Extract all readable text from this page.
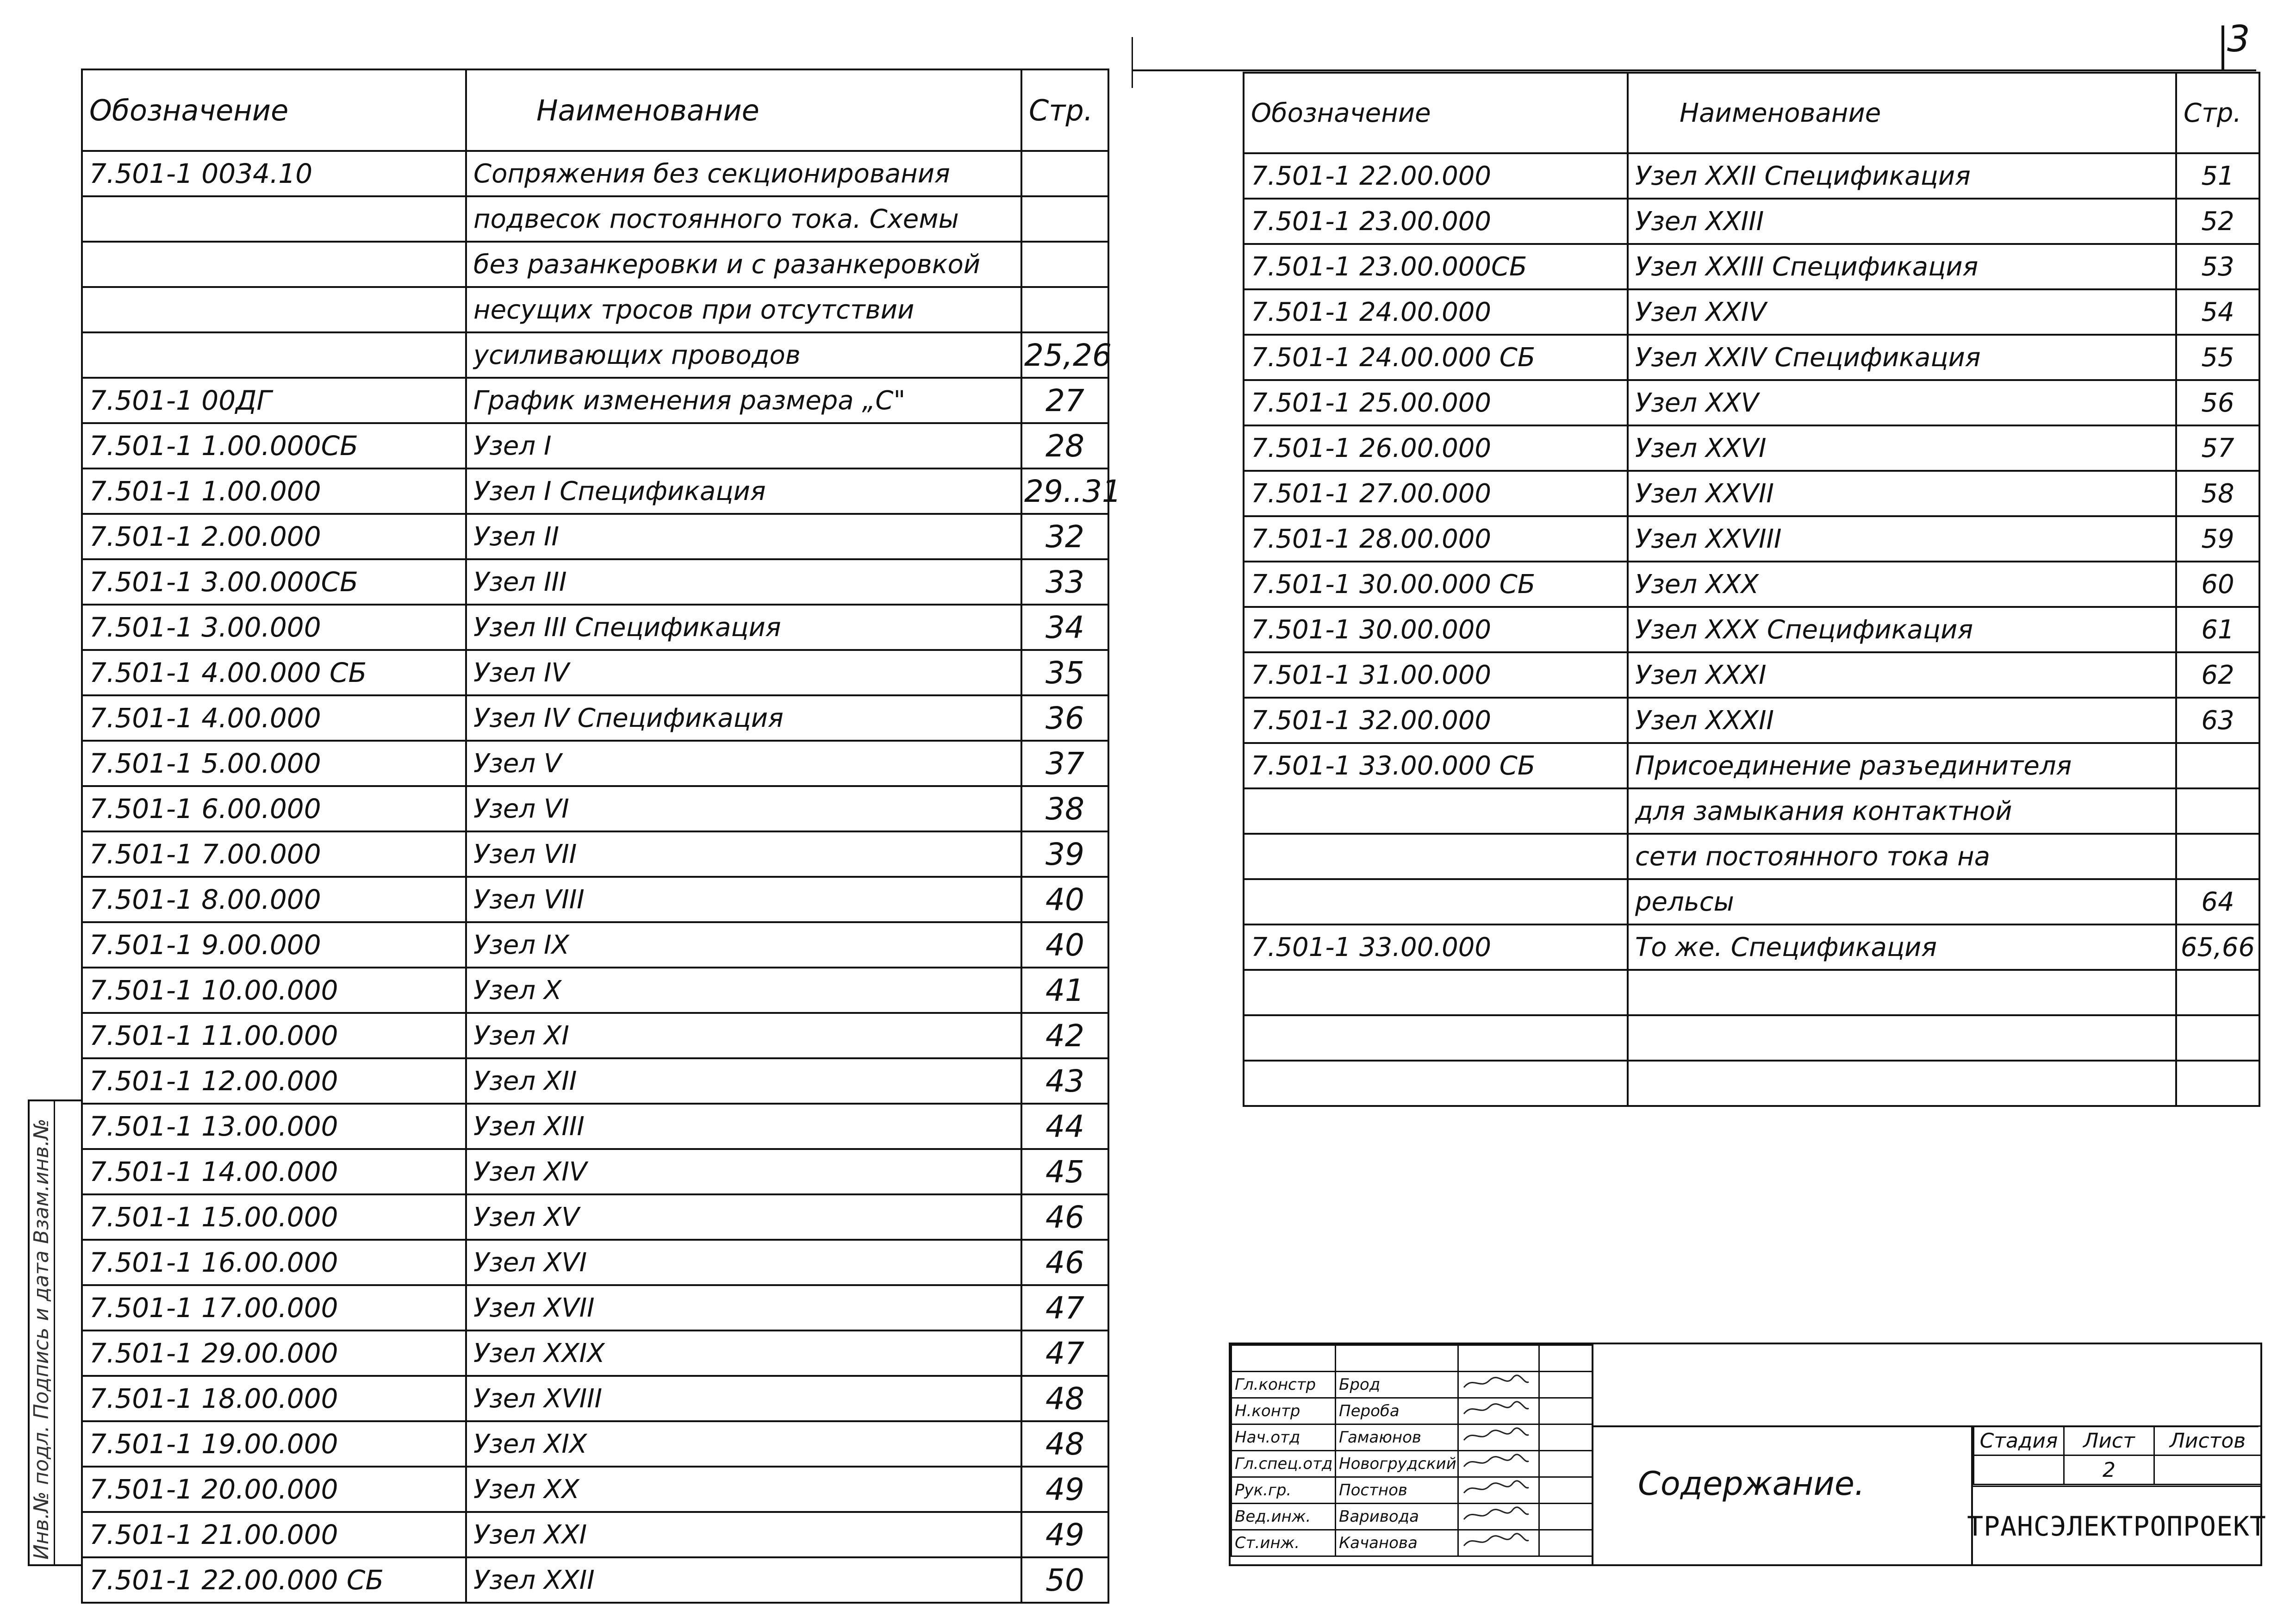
3
Обозначение	Наименование	Стр.
7.501-1 0034.10	Сопряжения без секционирования	
	подвесок постоянного тока. Схемы	
	без разанкеровки и с разанкеровкой	
	несущих тросов при отсутствии	
	усиливающих проводов	25,26
7.501-1 00ДГ	График изменения размера „С"	27
7.501-1 1.00.000СБ	Узел I	28
7.501-1 1.00.000	Узел I Спецификация	29..31
7.501-1 2.00.000	Узел II	32
7.501-1 3.00.000СБ	Узел III	33
7.501-1 3.00.000	Узел III Спецификация	34
7.501-1 4.00.000 СБ	Узел IV	35
7.501-1 4.00.000	Узел IV Спецификация	36
7.501-1 5.00.000	Узел V	37
7.501-1 6.00.000	Узел VI	38
7.501-1 7.00.000	Узел VII	39
7.501-1 8.00.000	Узел VIII	40
7.501-1 9.00.000	Узел IX	40
7.501-1 10.00.000	Узел X	41
7.501-1 11.00.000	Узел XI	42
7.501-1 12.00.000	Узел XII	43
7.501-1 13.00.000	Узел XIII	44
7.501-1 14.00.000	Узел XIV	45
7.501-1 15.00.000	Узел XV	46
7.501-1 16.00.000	Узел XVI	46
7.501-1 17.00.000	Узел XVII	47
7.501-1 29.00.000	Узел XXIX	47
7.501-1 18.00.000	Узел XVIII	48
7.501-1 19.00.000	Узел XIX	48
7.501-1 20.00.000	Узел XX	49
7.501-1 21.00.000	Узел XXI	49
7.501-1 22.00.000 СБ	Узел XXII	50
Обозначение	Наименование	Стр.
7.501-1 22.00.000	Узел XXII Спецификация	51
7.501-1 23.00.000	Узел XXIII	52
7.501-1 23.00.000СБ	Узел XXIII Спецификация	53
7.501-1 24.00.000	Узел XXIV	54
7.501-1 24.00.000 СБ	Узел XXIV Спецификация	55
7.501-1 25.00.000	Узел XXV	56
7.501-1 26.00.000	Узел XXVI	57
7.501-1 27.00.000	Узел XXVII	58
7.501-1 28.00.000	Узел XXVIII	59
7.501-1 30.00.000 СБ	Узел XXX	60
7.501-1 30.00.000	Узел XXX Спецификация	61
7.501-1 31.00.000	Узел XXXI	62
7.501-1 32.00.000	Узел XXXII	63
7.501-1 33.00.000 СБ	Присоединение разъединителя	
	для замыкания контактной	
	сети постоянного тока на	
	рельсы	64
7.501-1 33.00.000	То же. Спецификация	65,66

Инв.№ подл. Подпись и дата Взам.инв.№
				Гл.констр	Брод		
Н.контр	Пероба		
Нач.отд	Гамаюнов		
Гл.спец.отд	Новогрудский		
Рук.гр.	Постнов		
Вед.инж.	Варивода		
Ст.инж.	Качанова		
Содержание.
Стадия	Лист	Листов
	2	
ТРАНСЭЛЕКТРОПРОЕКТ
